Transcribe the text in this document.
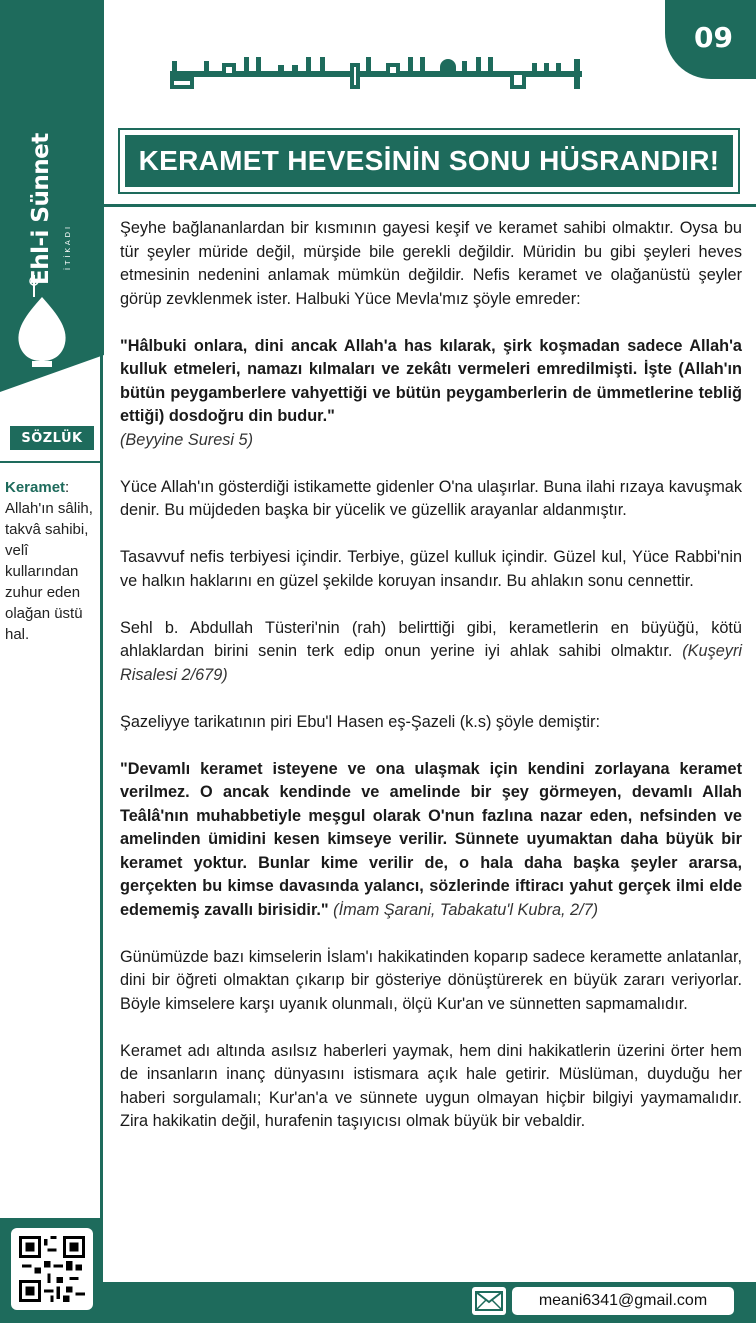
Ehl-i Sünnet İTİKADI
SÖZLÜK
Keramet: Allah'ın sâlih, takvâ sahibi, velî kullarından zuhur eden olağan üstü hal.
09
KERAMET HEVESİNİN SONU HÜSRANDIR!

Şeyhe bağlananlardan bir kısmının gayesi keşif ve keramet sahibi olmaktır. Oysa bu tür şeyler müride değil, mürşide bile gerekli değildir. Müridin bu gibi şeyleri heves etmesinin nedenini anlamak mümkün değildir. Nefis keramet ve olağanüstü şeyler görüp zevklenmek ister. Halbuki Yüce Mevla'mız şöyle emreder:

"Hâlbuki onlara, dini ancak Allah'a has kılarak, şirk koşmadan sadece Allah'a kulluk etmeleri, namazı kılmaları ve zekâtı vermeleri emredilmişti. İşte (Allah'ın bütün peygamberlere vahyettiği ve bütün peygamberlerin de ümmetlerine tebliğ ettiği) dosdoğru din budur."
(Beyyine Suresi 5)

Yüce Allah'ın gösterdiği istikamette gidenler O'na ulaşırlar. Buna ilahi rızaya kavuşmak denir. Bu müjdeden başka bir yücelik ve güzellik arayanlar aldanmıştır.

Tasavvuf nefis terbiyesi içindir. Terbiye, güzel kulluk içindir. Güzel kul, Yüce Rabbi'nin ve halkın haklarını en güzel şekilde koruyan insandır. Bu ahlakın sonu cennettir.

Sehl b. Abdullah Tüsteri'nin (rah) belirttiği gibi, kerametlerin en büyüğü, kötü ahlaklardan birini senin terk edip onun yerine iyi ahlak sahibi olmaktır. (Kuşeyri Risalesi 2/679)

Şazeliyye tarikatının piri Ebu'l Hasen eş-Şazeli (k.s) şöyle demiştir:

"Devamlı keramet isteyene ve ona ulaşmak için kendini zorlayana keramet verilmez. O ancak kendinde ve amelinde bir şey görmeyen, devamlı Allah Teâlâ'nın muhabbetiyle meşgul olarak O'nun fazlına nazar eden, nefsinden ve amelinden ümidini kesen kimseye verilir. Sünnete uyumaktan daha büyük bir keramet yoktur. Bunlar kime verilir de, o hala daha başka şeyler ararsa, gerçekten bu kimse davasında yalancı, sözlerinde iftiracı yahut gerçek ilmi elde edememiş zavallı birisidir." (İmam Şarani, Tabakatu'l Kubra, 2/7)

Günümüzde bazı kimselerin İslam'ı hakikatinden koparıp sadece keramette anlatanlar, dini bir öğreti olmaktan çıkarıp bir gösteriye dönüştürerek en büyük zararı veriyorlar. Böyle kimselere karşı uyanık olunmalı, ölçü Kur'an ve sünnetten sapmamalıdır.

Keramet adı altında asılsız haberleri yaymak, hem dini hakikatlerin üzerini örter hem de insanların inanç dünyasını istismara açık hale getirir. Müslüman, duyduğu her haberi sorgulamalı; Kur'an'a ve sünnete uygun olmayan hiçbir bilgiyi yaymamalıdır. Zira hakikatin değil, hurafenin taşıyıcısı olmak büyük bir vebaldir.

meani6341@gmail.com
